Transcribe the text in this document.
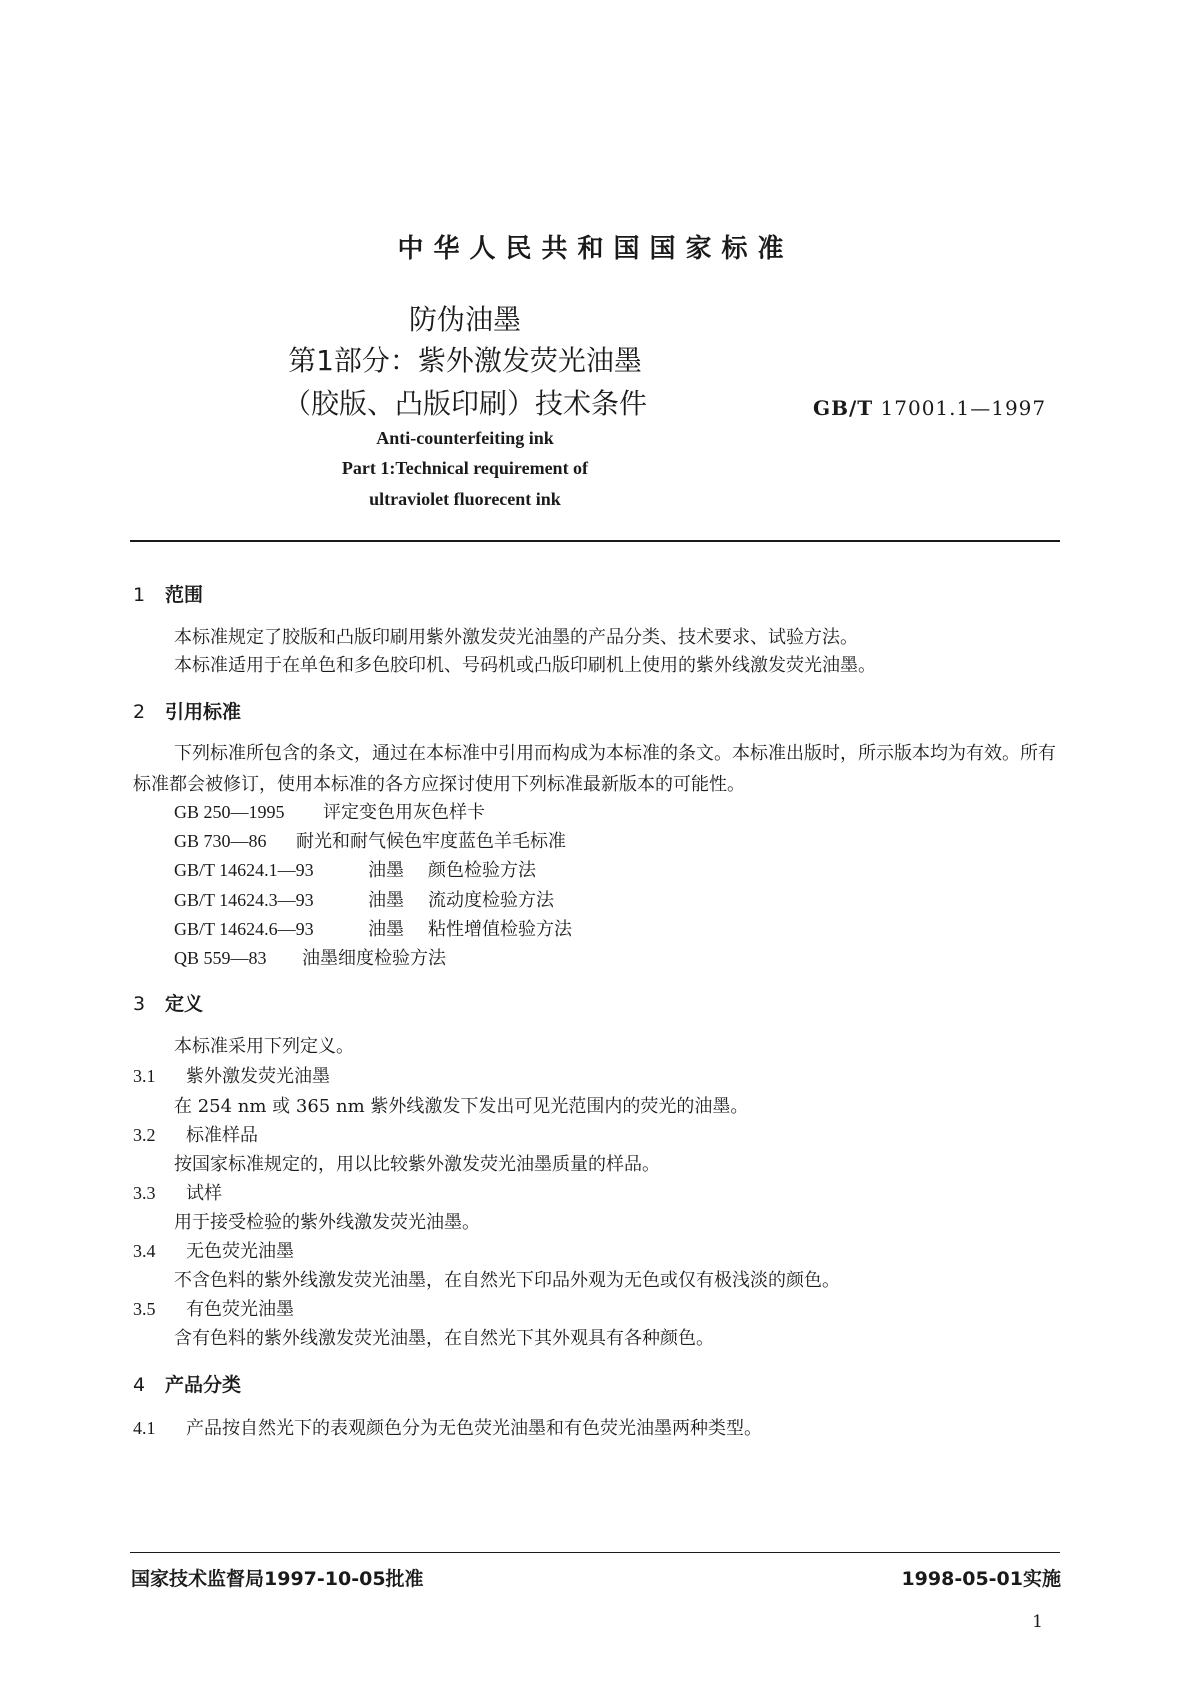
中华人民共和国国家标准
防伪油墨
第1部分：紫外激发荧光油墨
（胶版、凸版印刷）技术条件	GB/T 17001.1—1997
Anti-counterfeiting ink
Part 1:Technical requirement of
ultraviolet fluorecent ink
1 范围
本标准规定了胶版和凸版印刷用紫外激发荧光油墨的产品分类、技术要求、试验方法。
本标准适用于在单色和多色胶印机、号码机或凸版印刷机上使用的紫外线激发荧光油墨。
2 引用标准
下列标准所包含的条文，通过在本标准中引用而构成为本标准的条文。本标准出版时，所示版本均为有效。所有标准都会被修订，使用本标准的各方应探讨使用下列标准最新版本的可能性。
GB 250—1995 评定变色用灰色样卡
GB 730—86 耐光和耐气候色牢度蓝色羊毛标准
GB/T 14624.1—93	油墨 颜色检验方法
GB/T 14624.3—93	油墨 流动度检验方法
GB/T 14624.6—93	油墨 粘性增值检验方法
QB 559—83 油墨细度检验方法
3 定义
本标准采用下列定义。
3.1 紫外激发荧光油墨
在 254 nm 或 365 nm 紫外线激发下发出可见光范围内的荧光的油墨。
3.2 标准样品
按国家标准规定的，用以比较紫外激发荧光油墨质量的样品。
3.3 试样
用于接受检验的紫外线激发荧光油墨。
3.4 无色荧光油墨
不含色料的紫外线激发荧光油墨，在自然光下印品外观为无色或仅有极浅淡的颜色。
3.5 有色荧光油墨
含有色料的紫外线激发荧光油墨，在自然光下其外观具有各种颜色。
4 产品分类
4.1 产品按自然光下的表观颜色分为无色荧光油墨和有色荧光油墨两种类型。
国家技术监督局1997-10-05批准	1998-05-01实施
1
